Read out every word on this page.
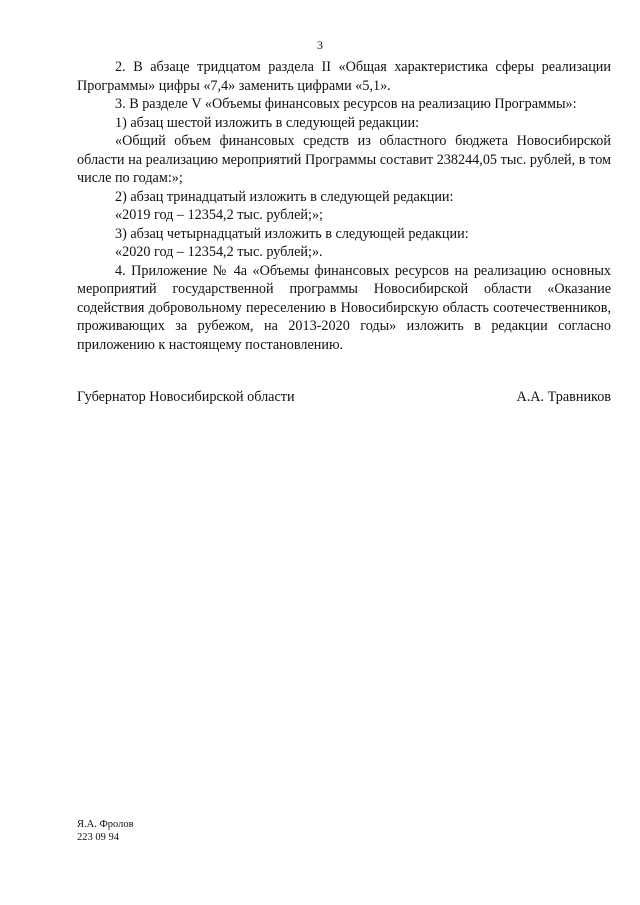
3

2. В абзаце тридцатом раздела II «Общая характеристика сферы реализации Программы» цифры «7,4» заменить цифрами «5,1».

3. В разделе V «Объемы финансовых ресурсов на реализацию Программы»:

1) абзац шестой изложить в следующей редакции:

«Общий объем финансовых средств из областного бюджета Новосибирской области на реализацию мероприятий Программы составит 238244,05 тыс. рублей, в том числе по годам:»;

2) абзац тринадцатый изложить в следующей редакции:

«2019 год – 12354,2 тыс. рублей;»;

3) абзац четырнадцатый изложить в следующей редакции:

«2020 год – 12354,2 тыс. рублей;».

4. Приложение № 4а «Объемы финансовых ресурсов на реализацию основных мероприятий государственной программы Новосибирской области «Оказание содействия добровольному переселению в Новосибирскую область соотечественников, проживающих за рубежом, на 2013-2020 годы» изложить в редакции согласно приложению к настоящему постановлению.

Губернатор Новосибирской области	А.А. Травников
Я.А. Фролов
223 09 94
